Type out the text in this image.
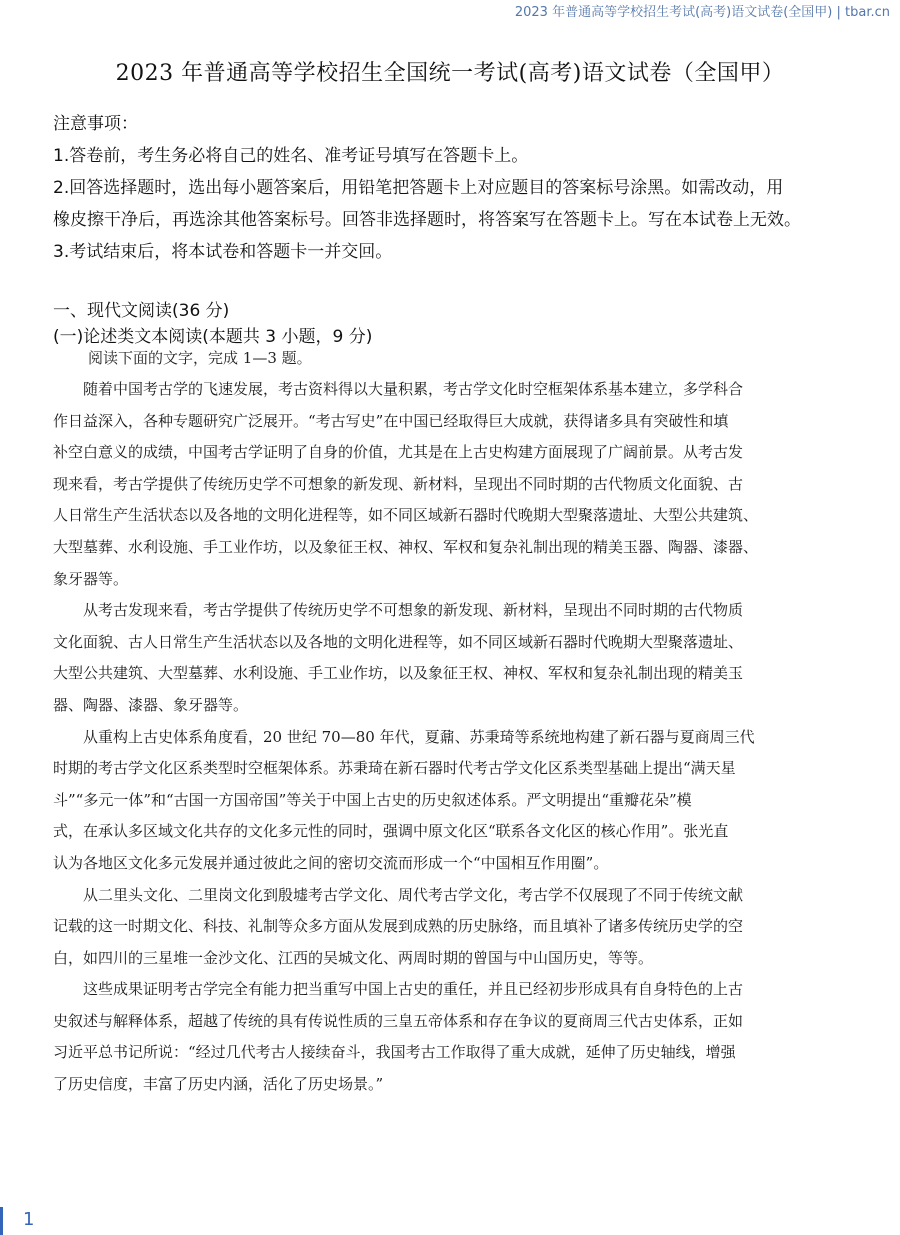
2023 年普通高等学校招生考试(高考)语文试卷(全国甲) | tbar.cn
2023 年普通高等学校招生全国统一考试(高考)语文试卷（全国甲）
注意事项：
1.答卷前，考生务必将自己的姓名、准考证号填写在答题卡上。
2.回答选择题时，选出每小题答案后，用铅笔把答题卡上对应题目的答案标号涂黑。如需改动，用
橡皮擦干净后，再选涂其他答案标号。回答非选择题时，将答案写在答题卡上。写在本试卷上无效。
3.考试结束后，将本试卷和答题卡一并交回。
一、现代文阅读(36 分)
(一)论述类文本阅读(本题共 3 小题，9 分)
阅读下面的文字，完成 1—3 题。

　　随着中国考古学的飞速发展，考古资料得以大量积累，考古学文化时空框架体系基本建立，多学科合

作日益深入，各种专题研究广泛展开。“考古写史”在中国已经取得巨大成就，获得诸多具有突破性和填

补空白意义的成绩，中国考古学证明了自身的价值，尤其是在上古史构建方面展现了广阔前景。从考古发

现来看，考古学提供了传统历史学不可想象的新发现、新材料，呈现出不同时期的古代物质文化面貌、古

人日常生产生活状态以及各地的文明化进程等，如不同区域新石器时代晚期大型聚落遗址、大型公共建筑、

大型墓葬、水利设施、手工业作坊，以及象征王权、神权、军权和复杂礼制出现的精美玉器、陶器、漆器、

象牙器等。

　　从考古发现来看，考古学提供了传统历史学不可想象的新发现、新材料，呈现出不同时期的古代物质

文化面貌、古人日常生产生活状态以及各地的文明化进程等，如不同区域新石器时代晚期大型聚落遗址、

大型公共建筑、大型墓葬、水利设施、手工业作坊，以及象征王权、神权、军权和复杂礼制出现的精美玉

器、陶器、漆器、象牙器等。

　　从重构上古史体系角度看，20 世纪 70—80 年代，夏鼐、苏秉琦等系统地构建了新石器与夏商周三代

时期的考古学文化区系类型时空框架体系。苏秉琦在新石器时代考古学文化区系类型基础上提出“满天星

斗”“多元一体”和“古国一方国帝国”等关于中国上古史的历史叙述体系。严文明提出“重瓣花朵”模

式，在承认多区域文化共存的文化多元性的同时，强调中原文化区“联系各文化区的核心作用”。张光直

认为各地区文化多元发展并通过彼此之间的密切交流而形成一个“中国相互作用圈”。

　　从二里头文化、二里岗文化到殷墟考古学文化、周代考古学文化，考古学不仅展现了不同于传统文献

记载的这一时期文化、科技、礼制等众多方面从发展到成熟的历史脉络，而且填补了诸多传统历史学的空

白，如四川的三星堆一金沙文化、江西的吴城文化、两周时期的曾国与中山国历史，等等。

　　这些成果证明考古学完全有能力把当重写中国上古史的重任，并且已经初步形成具有自身特色的上古

史叙述与解释体系，超越了传统的具有传说性质的三皇五帝体系和存在争议的夏商周三代古史体系，正如

习近平总书记所说：“经过几代考古人接续奋斗，我国考古工作取得了重大成就，延伸了历史轴线，增强

了历史信度，丰富了历史内涵，活化了历史场景。”

1
